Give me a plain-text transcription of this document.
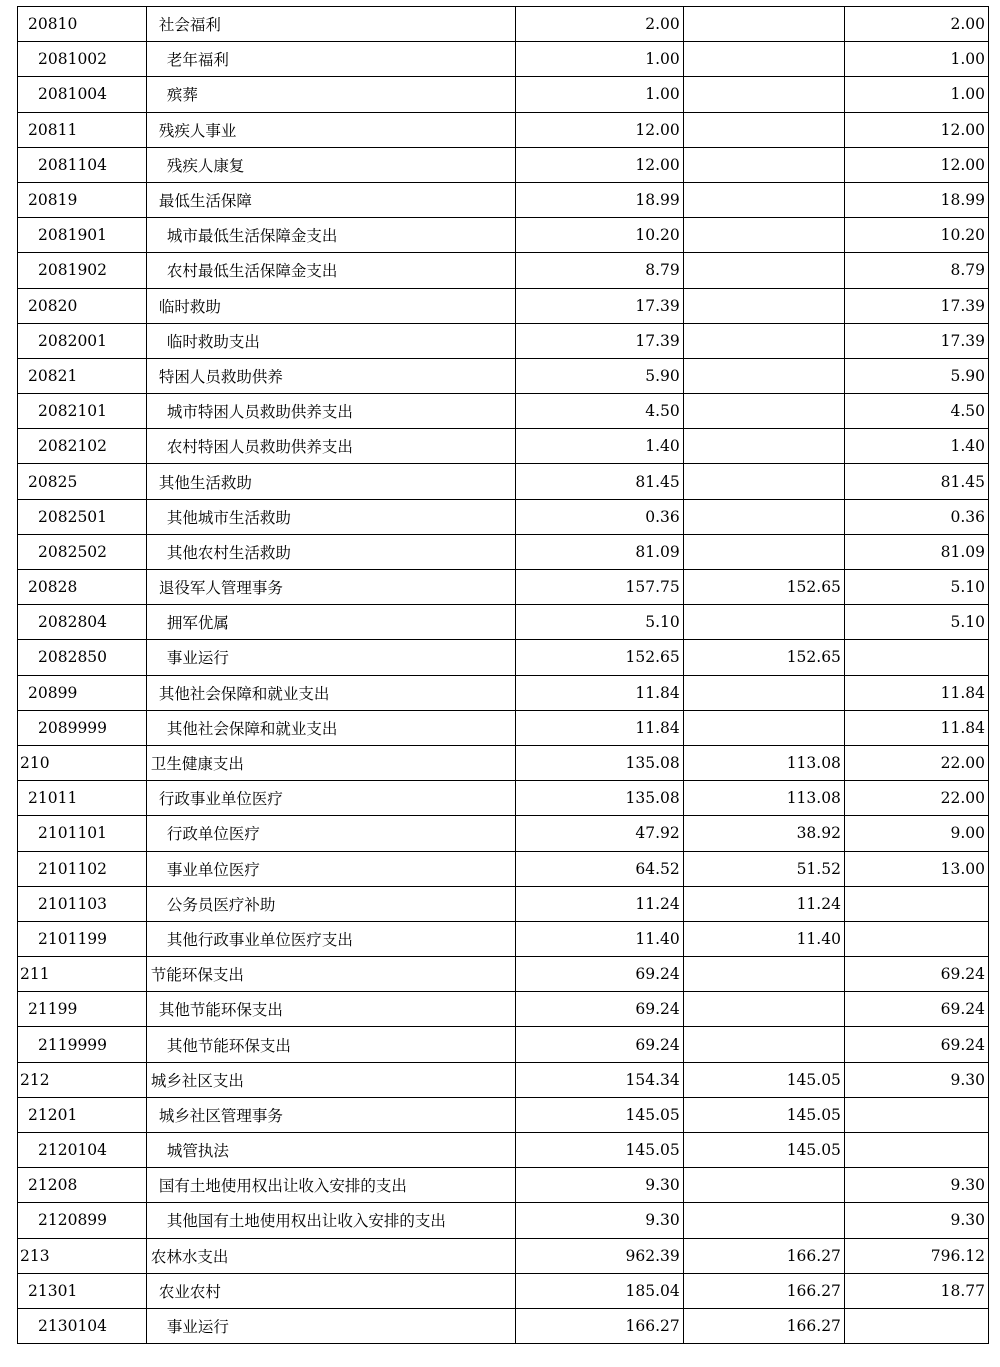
20810	社会福利	2.00		2.00
2081002	老年福利	1.00		1.00
2081004	殡葬	1.00		1.00
20811	残疾人事业	12.00		12.00
2081104	残疾人康复	12.00		12.00
20819	最低生活保障	18.99		18.99
2081901	城市最低生活保障金支出	10.20		10.20
2081902	农村最低生活保障金支出	8.79		8.79
20820	临时救助	17.39		17.39
2082001	临时救助支出	17.39		17.39
20821	特困人员救助供养	5.90		5.90
2082101	城市特困人员救助供养支出	4.50		4.50
2082102	农村特困人员救助供养支出	1.40		1.40
20825	其他生活救助	81.45		81.45
2082501	其他城市生活救助	0.36		0.36
2082502	其他农村生活救助	81.09		81.09
20828	退役军人管理事务	157.75	152.65	5.10
2082804	拥军优属	5.10		5.10
2082850	事业运行	152.65	152.65	
20899	其他社会保障和就业支出	11.84		11.84
2089999	其他社会保障和就业支出	11.84		11.84
210	卫生健康支出	135.08	113.08	22.00
21011	行政事业单位医疗	135.08	113.08	22.00
2101101	行政单位医疗	47.92	38.92	9.00
2101102	事业单位医疗	64.52	51.52	13.00
2101103	公务员医疗补助	11.24	11.24	
2101199	其他行政事业单位医疗支出	11.40	11.40	
211	节能环保支出	69.24		69.24
21199	其他节能环保支出	69.24		69.24
2119999	其他节能环保支出	69.24		69.24
212	城乡社区支出	154.34	145.05	9.30
21201	城乡社区管理事务	145.05	145.05	
2120104	城管执法	145.05	145.05	
21208	国有土地使用权出让收入安排的支出	9.30		9.30
2120899	其他国有土地使用权出让收入安排的支出	9.30		9.30
213	农林水支出	962.39	166.27	796.12
21301	农业农村	185.04	166.27	18.77
2130104	事业运行	166.27	166.27	
